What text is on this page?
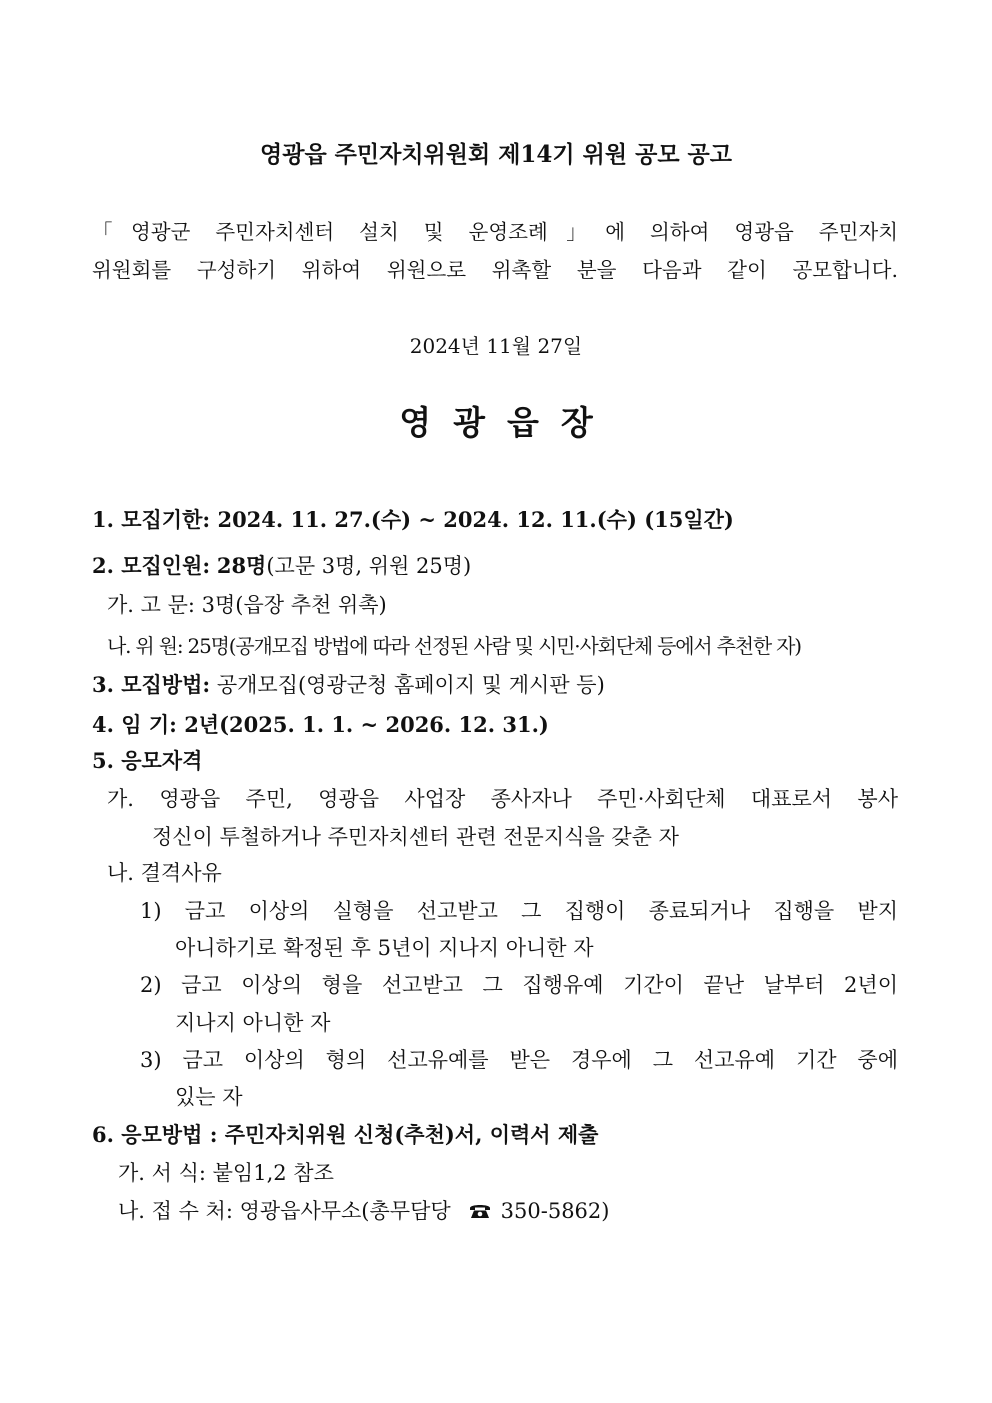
영광읍 주민자치위원회 제14기 위원 공모 공고
「영광군 주민자치센터 설치 및 운영조례」에 의하여 영광읍 주민자치
위원회를 구성하기 위하여 위원으로 위촉할 분을 다음과 같이 공모합니다.
2024년 11월 27일
영광읍장
1. 모집기한: 2024. 11. 27.(수) ~ 2024. 12. 11.(수) (15일간)
2. 모집인원: 28명(고문 3명, 위원 25명)
가. 고 문: 3명(읍장 추천 위촉)
나. 위 원: 25명(공개모집 방법에 따라 선정된 사람 및 시민·사회단체 등에서 추천한 자)
3. 모집방법: 공개모집(영광군청 홈페이지 및 게시판 등)
4. 임 기: 2년(2025. 1. 1. ~ 2026. 12. 31.)
5. 응모자격
가. 영광읍 주민, 영광읍 사업장 종사자나 주민·사회단체 대표로서 봉사
정신이 투철하거나 주민자치센터 관련 전문지식을 갖춘 자
나. 결격사유
1) 금고 이상의 실형을 선고받고 그 집행이 종료되거나 집행을 받지
아니하기로 확정된 후 5년이 지나지 아니한 자
2) 금고 이상의 형을 선고받고 그 집행유예 기간이 끝난 날부터 2년이
지나지 아니한 자
3) 금고 이상의 형의 선고유예를 받은 경우에 그 선고유예 기간 중에
있는 자
6. 응모방법 : 주민자치위원 신청(추천)서, 이력서 제출
가. 서 식: 붙임1,2 참조
나. 접 수 처: 영광읍사무소(총무담당 350-5862)
